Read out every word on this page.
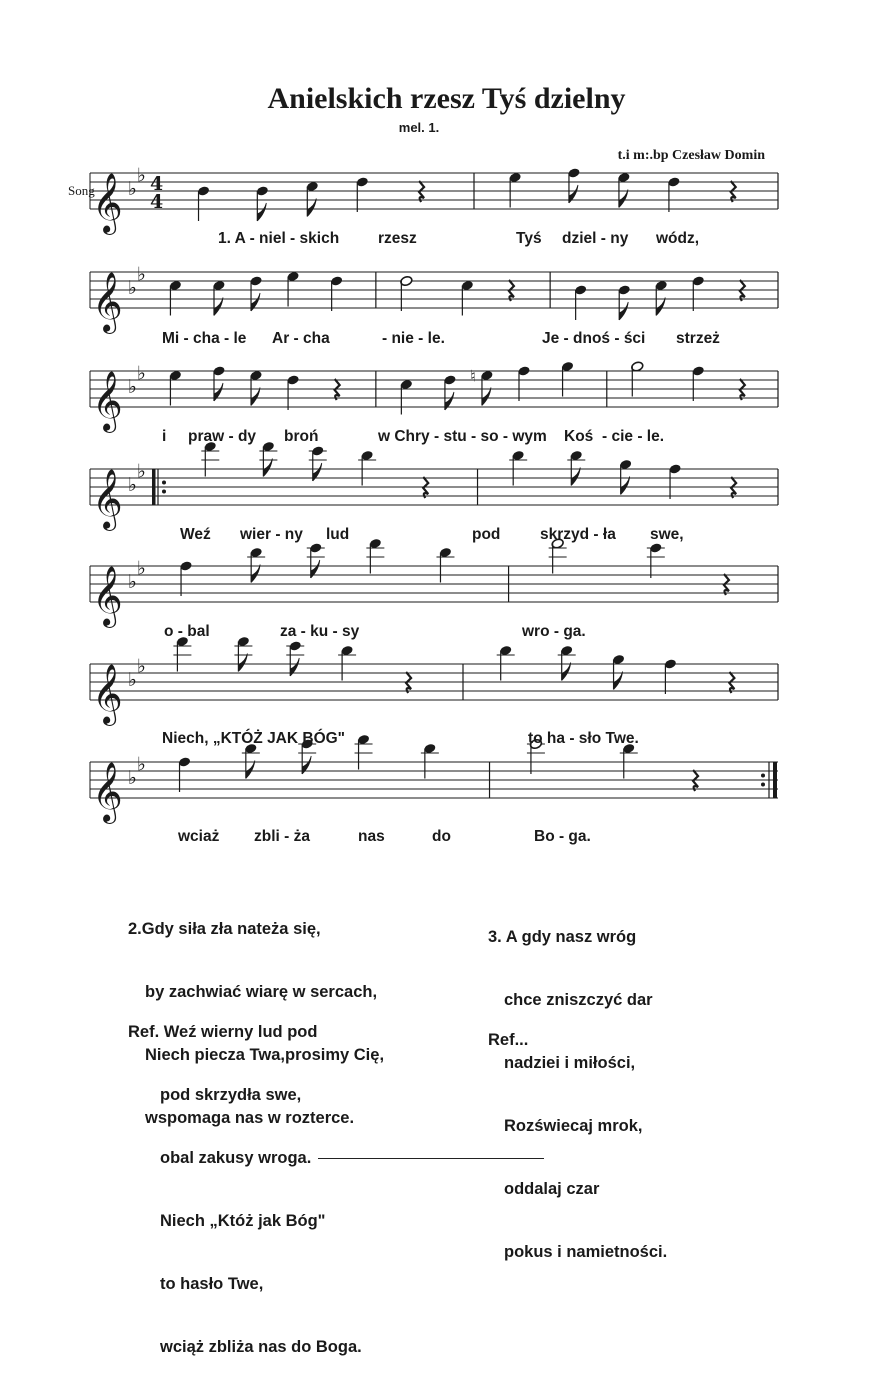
Anielskich rzesz Tyś dzielny
mel. 1.
t.i m:.bp Czesław Domin
Song
𝄞 ♭
♭ 4
4
𝄞 ♭
♭
𝄞 ♭
♭	♮
𝄞 ♭
♭
𝄞 ♭
♭
𝄞 ♭
♭
𝄞 ♭
♭
1. A - niel - skich	rzesz	Tyś dziel - ny wódz,
Mi - cha - le Ar - cha	- nie - le.	Je - dnoś - ści strzeż
i praw - dy broń	w Chry - stu - so - wym Koś - cie - le.
Weź wier - ny lud	pod	skrzyd - ła swe,
o - bal	za - ku - sy	wro - ga.
Niech, „KTÓŻ JAK BÓG"	to ha - sło Twe.
wciaż zbli - ża	nas	do	Bo - ga.

2.Gdy siła zła nateża się,

by zachwiać wiarę w sercach,

Niech piecza Twa,prosimy Cię,

wspomaga nas w rozterce.

Ref. Weź wierny lud pod

pod skrzydła swe,

obal zakusy wroga.

Niech „Któż jak Bóg"

to hasło Twe,

wciąż zbliża nas do Boga.

3. A gdy nasz wróg

chce zniszczyć dar

nadziei i miłości,

Rozświecaj mrok,

oddalaj czar

pokus i namietności.

Ref...
